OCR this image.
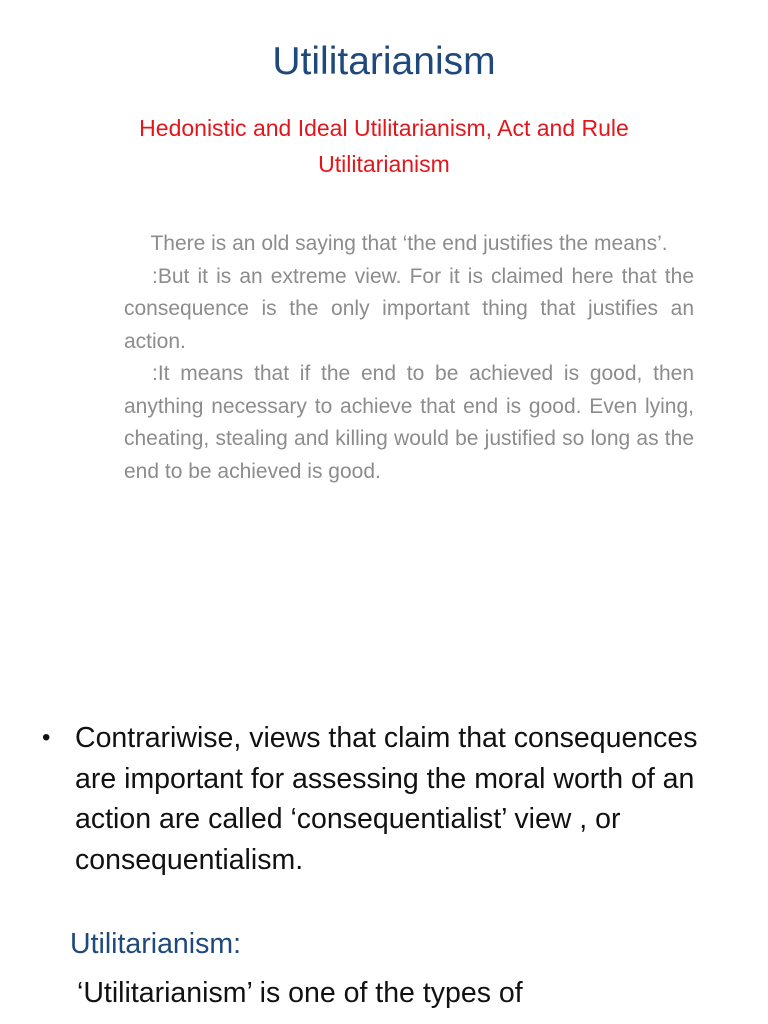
Utilitarianism
Hedonistic and Ideal Utilitarianism, Act and Rule Utilitarianism

There is an old saying that ‘the end justifies the means’.

:But it is an extreme view. For it is claimed here that the consequence is the only important thing that justifies an action.

:It means that if the end to be achieved is good, then anything necessary to achieve that end is good. Even lying, cheating, stealing and killing would be justified so long as the end to be achieved is good.

• Contrariwise, views that claim that consequences are important for assessing the moral worth of an action are called ‘consequentialist’ view , or consequentialism.
Utilitarianism:
‘Utilitarianism’ is one of the types of
